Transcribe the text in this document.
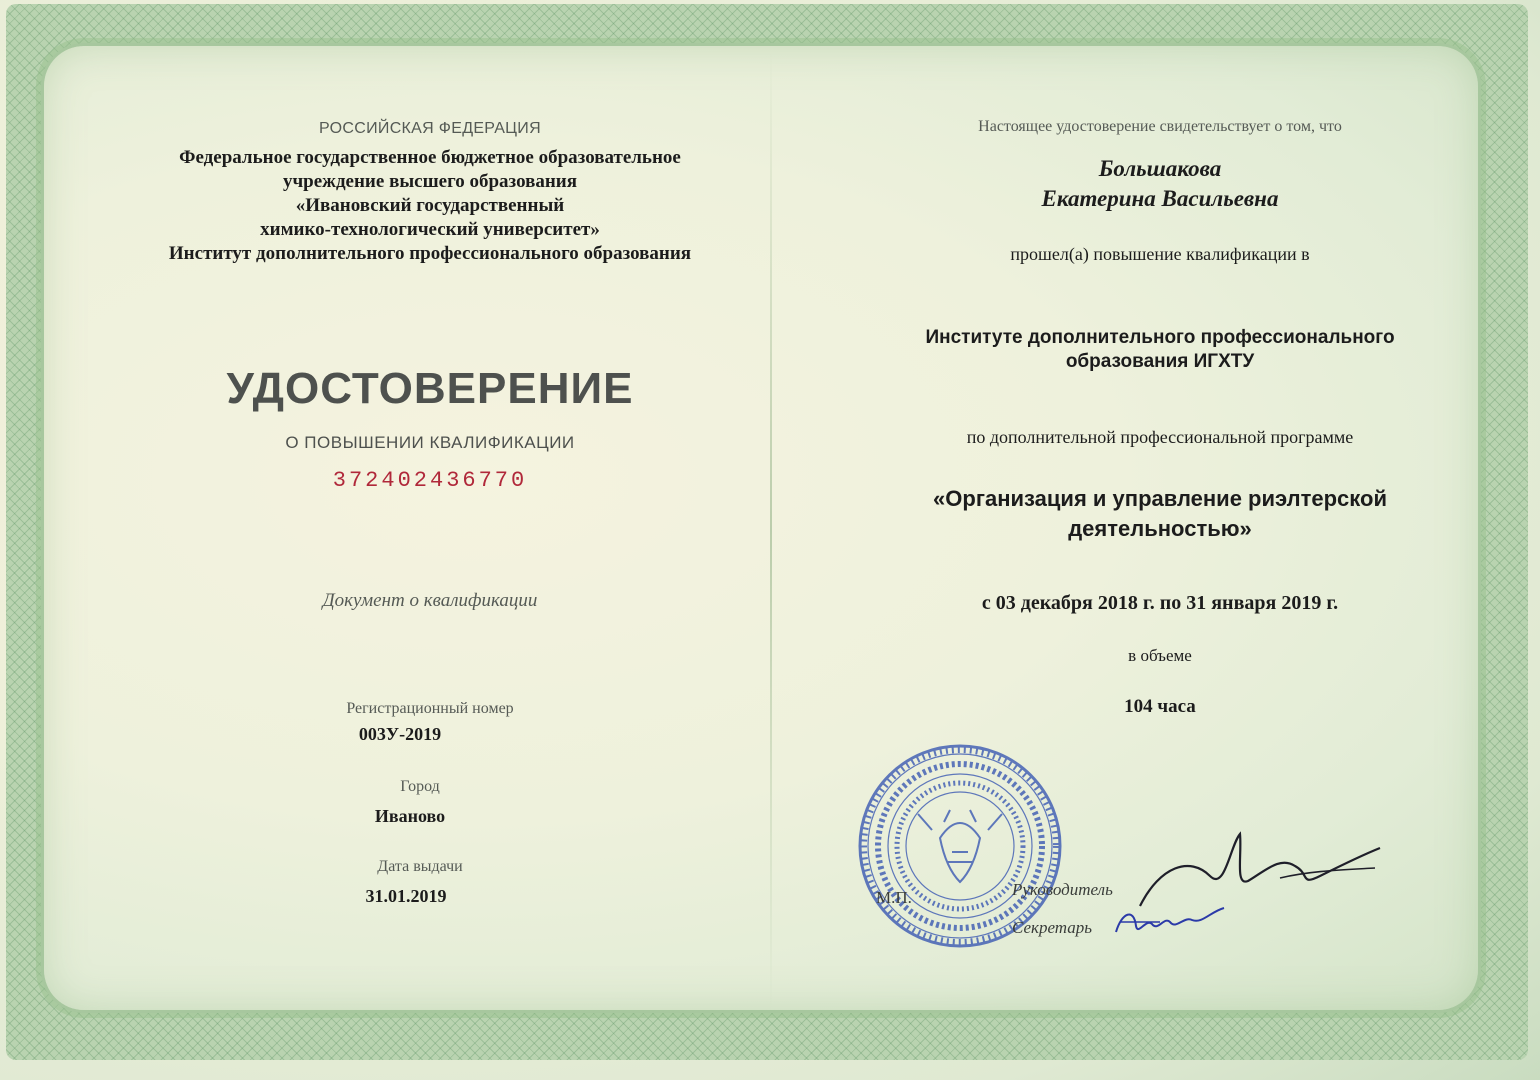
РОССИЙСКАЯ ФЕДЕРАЦИЯ

Федеральное государственное бюджетное образовательное

учреждение высшего образования

«Ивановский государственный

химико-технологический университет»

Институт дополнительного профессионального образования

УДОСТОВЕРЕНИЕ

О ПОВЫШЕНИИ КВАЛИФИКАЦИИ

372402436770

Документ о квалификации

Регистрационный номер

003У-2019

Город

Иваново

Дата выдачи

31.01.2019

Настоящее удостоверение свидетельствует о том, что

Большакова

Екатерина Васильевна

прошел(а) повышение квалификации в

Институте дополнительного профессионального

образования ИГХТУ

по дополнительной профессиональной программе

«Организация и управление риэлтерской

деятельностью»

с 03 декабря 2018 г. по 31 января 2019 г.

в объеме

104 часа

М.П.	Руководитель
Секретарь
